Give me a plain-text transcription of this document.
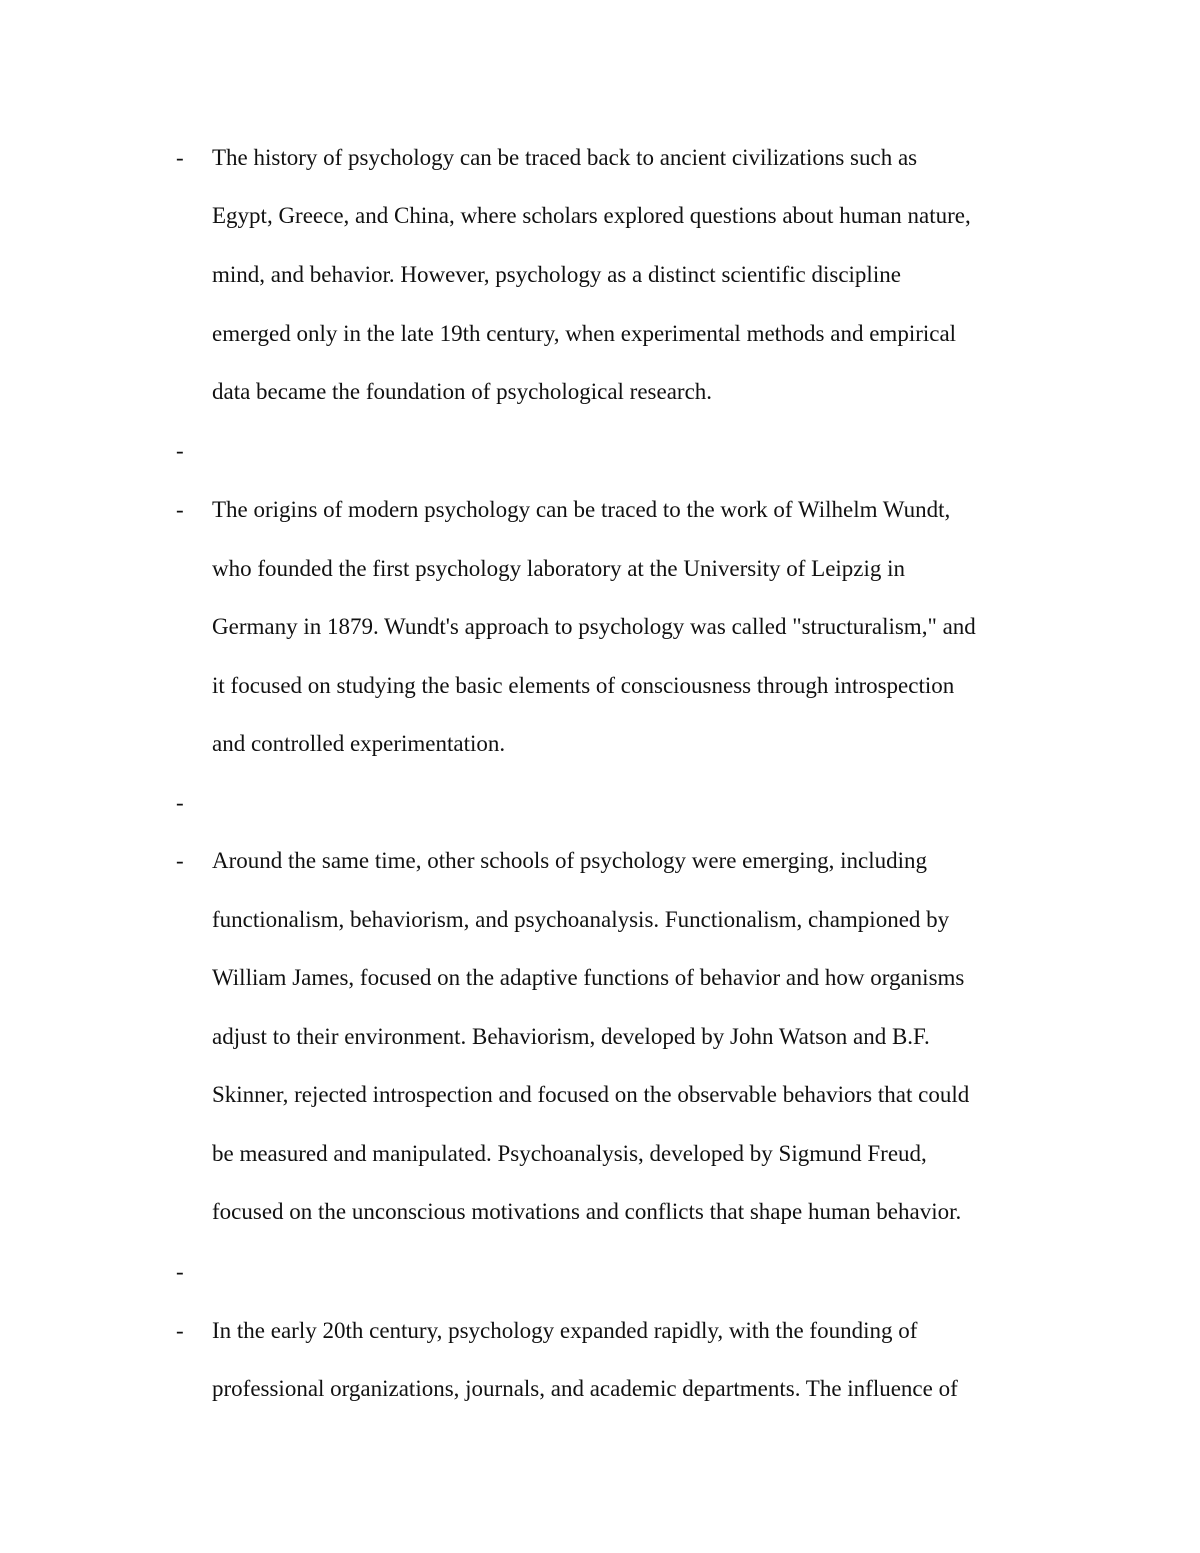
- The history of psychology can be traced back to ancient civilizations such as
Egypt, Greece, and China, where scholars explored questions about human nature,
mind, and behavior. However, psychology as a distinct scientific discipline
emerged only in the late 19th century, when experimental methods and empirical
data became the foundation of psychological research.
-
- The origins of modern psychology can be traced to the work of Wilhelm Wundt,
who founded the first psychology laboratory at the University of Leipzig in
Germany in 1879. Wundt's approach to psychology was called "structuralism," and
it focused on studying the basic elements of consciousness through introspection
and controlled experimentation.
-
- Around the same time, other schools of psychology were emerging, including
functionalism, behaviorism, and psychoanalysis. Functionalism, championed by
William James, focused on the adaptive functions of behavior and how organisms
adjust to their environment. Behaviorism, developed by John Watson and B.F.
Skinner, rejected introspection and focused on the observable behaviors that could
be measured and manipulated. Psychoanalysis, developed by Sigmund Freud,
focused on the unconscious motivations and conflicts that shape human behavior.
-
- In the early 20th century, psychology expanded rapidly, with the founding of
professional organizations, journals, and academic departments. The influence of
